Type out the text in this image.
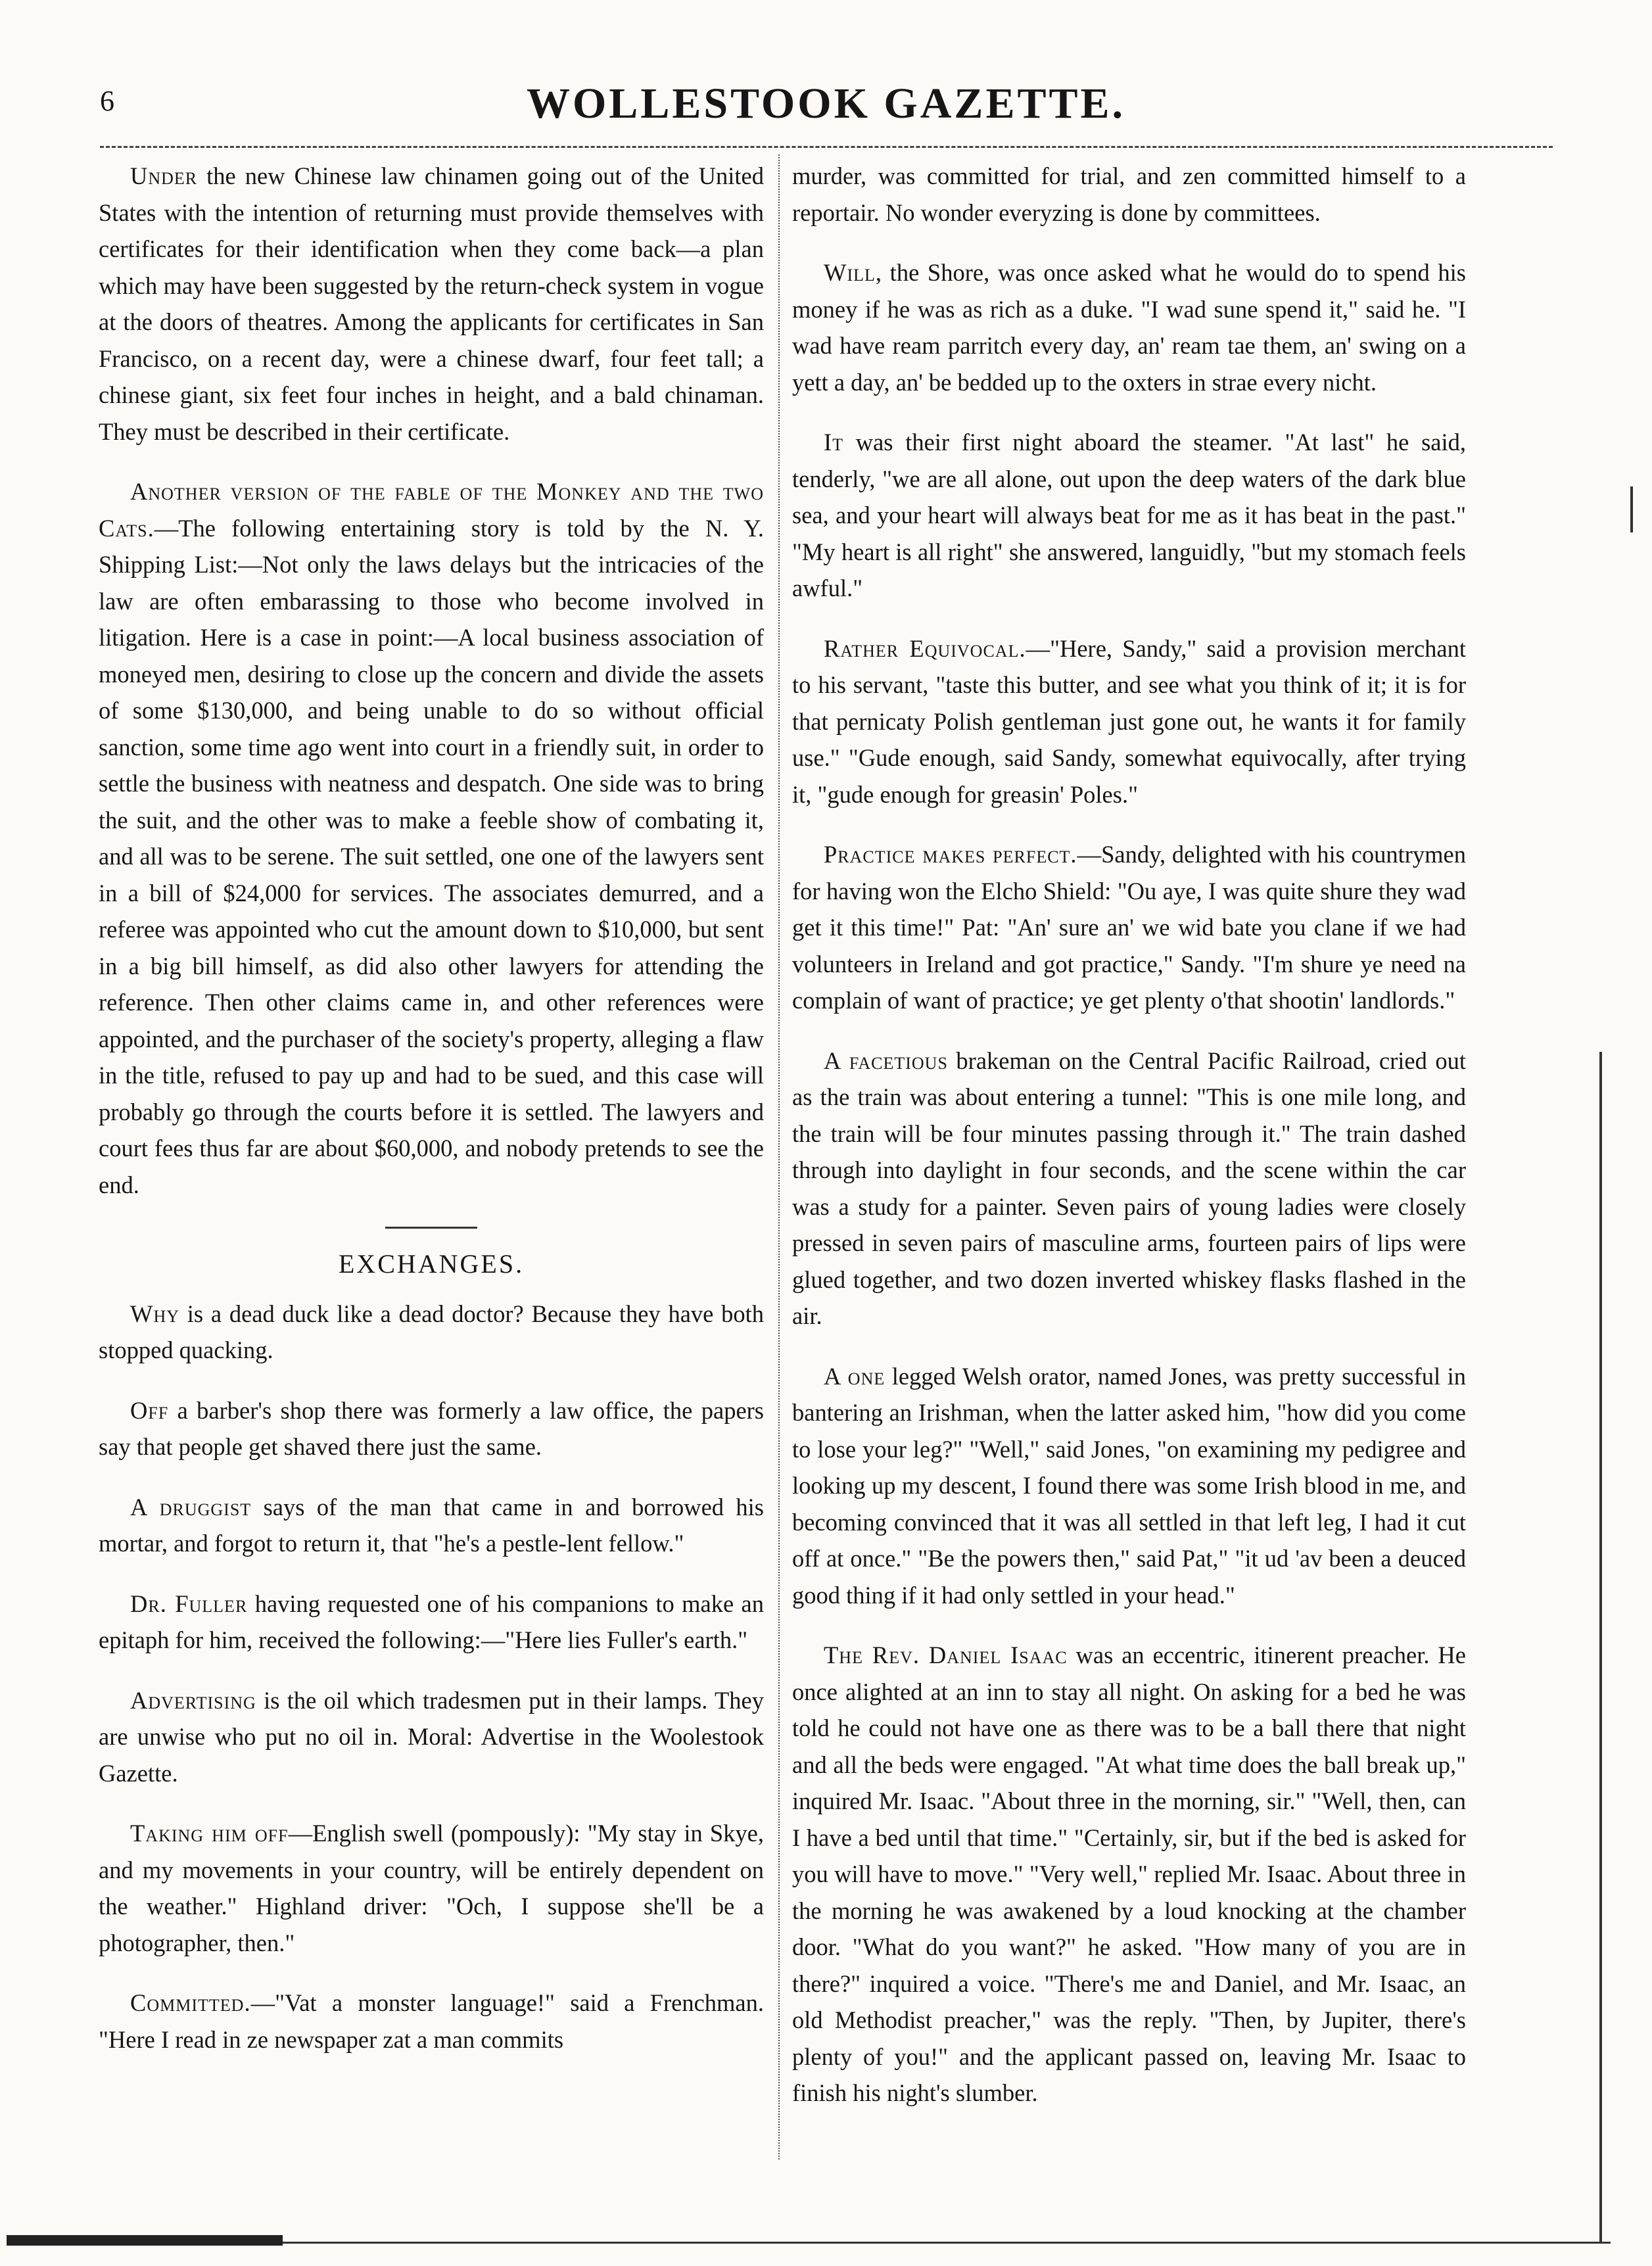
6	WOLLESTOOK GAZETTE.

Under the new Chinese law chinamen going out of the United States with the intention of returning must provide themselves with certificates for their identification when they come back—a plan which may have been suggested by the return-check system in vogue at the doors of theatres. Among the applicants for certificates in San Francisco, on a recent day, were a chinese dwarf, four feet tall; a chinese giant, six feet four inches in height, and a bald chinaman. They must be described in their certificate.

Another version of the fable of the Monkey and the two Cats.—The following entertaining story is told by the N. Y. Shipping List:—Not only the laws delays but the intricacies of the law are often embarassing to those who become involved in litigation. Here is a case in point:—A local business association of moneyed men, desiring to close up the concern and divide the assets of some $130,000, and being unable to do so without official sanction, some time ago went into court in a friendly suit, in order to settle the business with neatness and despatch. One side was to bring the suit, and the other was to make a feeble show of combating it, and all was to be serene. The suit settled, one one of the lawyers sent in a bill of $24,000 for services. The associates demurred, and a referee was appointed who cut the amount down to $10,000, but sent in a big bill himself, as did also other lawyers for attending the reference. Then other claims came in, and other references were appointed, and the purchaser of the society's property, alleging a flaw in the title, refused to pay up and had to be sued, and this case will probably go through the courts before it is settled. The lawyers and court fees thus far are about $60,000, and nobody pretends to see the end.

EXCHANGES.

Why is a dead duck like a dead doctor? Because they have both stopped quacking.

Off a barber's shop there was formerly a law office, the papers say that people get shaved there just the same.

A druggist says of the man that came in and borrowed his mortar, and forgot to return it, that "he's a pestle-lent fellow."

Dr. Fuller having requested one of his companions to make an epitaph for him, received the following:—"Here lies Fuller's earth."

Advertising is the oil which tradesmen put in their lamps. They are unwise who put no oil in. Moral: Advertise in the Woolestook Gazette.

Taking him off—English swell (pompously): "My stay in Skye, and my movements in your country, will be entirely dependent on the weather." Highland driver: "Och, I suppose she'll be a photographer, then."

Committed.—"Vat a monster language!" said a Frenchman. "Here I read in ze newspaper zat a man commits

murder, was committed for trial, and zen committed himself to a reportair. No wonder everyzing is done by committees.

Will, the Shore, was once asked what he would do to spend his money if he was as rich as a duke. "I wad sune spend it," said he. "I wad have ream parritch every day, an' ream tae them, an' swing on a yett a day, an' be bedded up to the oxters in strae every nicht.

It was their first night aboard the steamer. "At last" he said, tenderly, "we are all alone, out upon the deep waters of the dark blue sea, and your heart will always beat for me as it has beat in the past." "My heart is all right" she answered, languidly, "but my stomach feels awful."

Rather Equivocal.—"Here, Sandy," said a provision merchant to his servant, "taste this butter, and see what you think of it; it is for that pernicaty Polish gentleman just gone out, he wants it for family use." "Gude enough, said Sandy, somewhat equivocally, after trying it, "gude enough for greasin' Poles."

Practice makes perfect.—Sandy, delighted with his countrymen for having won the Elcho Shield: "Ou aye, I was quite shure they wad get it this time!" Pat: "An' sure an' we wid bate you clane if we had volunteers in Ireland and got practice," Sandy. "I'm shure ye need na complain of want of practice; ye get plenty o'that shootin' landlords."

A facetious brakeman on the Central Pacific Railroad, cried out as the train was about entering a tunnel: "This is one mile long, and the train will be four minutes passing through it." The train dashed through into daylight in four seconds, and the scene within the car was a study for a painter. Seven pairs of young ladies were closely pressed in seven pairs of masculine arms, fourteen pairs of lips were glued together, and two dozen inverted whiskey flasks flashed in the air.

A one legged Welsh orator, named Jones, was pretty successful in bantering an Irishman, when the latter asked him, "how did you come to lose your leg?" "Well," said Jones, "on examining my pedigree and looking up my descent, I found there was some Irish blood in me, and becoming convinced that it was all settled in that left leg, I had it cut off at once." "Be the powers then," said Pat," "it ud 'av been a deuced good thing if it had only settled in your head."

The Rev. Daniel Isaac was an eccentric, itinerent preacher. He once alighted at an inn to stay all night. On asking for a bed he was told he could not have one as there was to be a ball there that night and all the beds were engaged. "At what time does the ball break up," inquired Mr. Isaac. "About three in the morning, sir." "Well, then, can I have a bed until that time." "Certainly, sir, but if the bed is asked for you will have to move." "Very well," replied Mr. Isaac. About three in the morning he was awakened by a loud knocking at the chamber door. "What do you want?" he asked. "How many of you are in there?" inquired a voice. "There's me and Daniel, and Mr. Isaac, an old Methodist preacher," was the reply. "Then, by Jupiter, there's plenty of you!" and the applicant passed on, leaving Mr. Isaac to finish his night's slumber.
